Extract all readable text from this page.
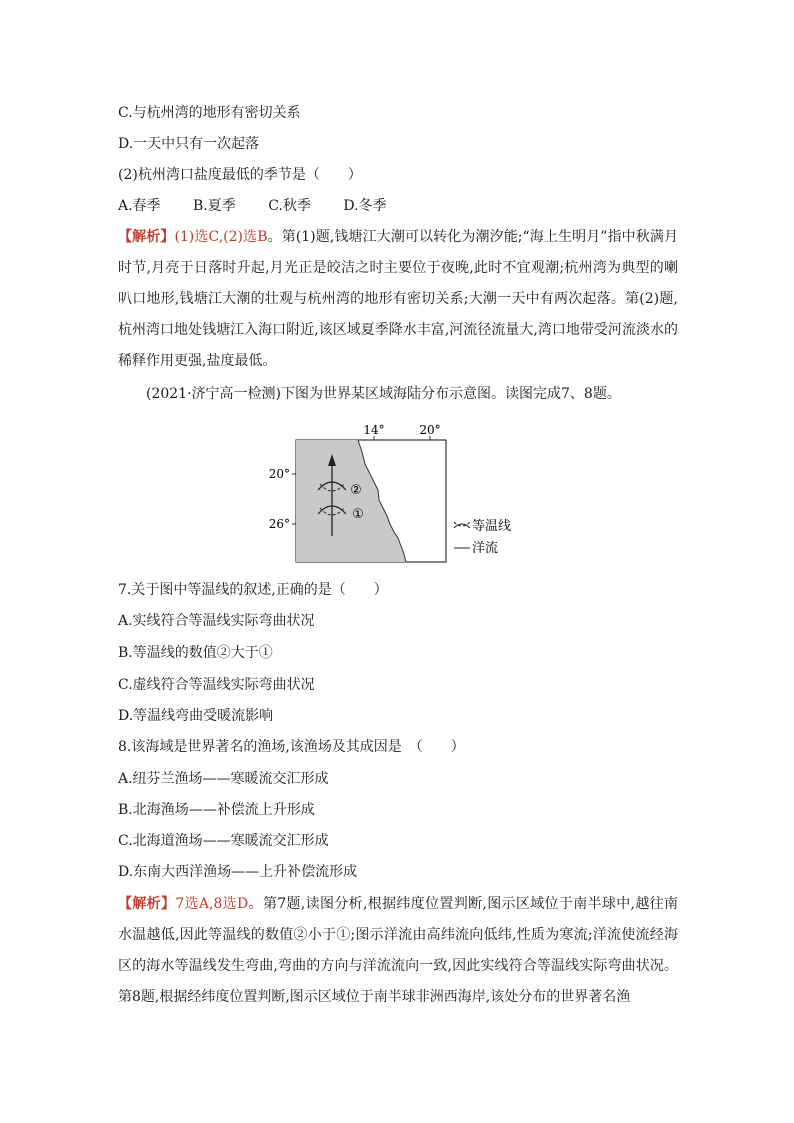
C.与杭州湾的地形有密切关系
D.一天中只有一次起落
(2)杭州湾口盐度最低的季节是（　　）
A.春季 B.夏季 C.秋季 D.冬季
【解析】(1)选C,(2)选B。第(1)题,钱塘江大潮可以转化为潮汐能;“海上生明月”指中秋满月时节,月亮于日落时升起,月光正是皎洁之时主要位于夜晚,此时不宜观潮;杭州湾为典型的喇叭口地形,钱塘江大潮的壮观与杭州湾的地形有密切关系;大潮一天中有两次起落。第(2)题,杭州湾口地处钱塘江入海口附近,该区域夏季降水丰富,河流径流量大,湾口地带受河流淡水的稀释作用更强,盐度最低。
(2021·济宁高一检测)下图为世界某区域海陆分布示意图。读图完成7、8题。
14°	20°
20°
26°
②
①
等温线
洋流
7.关于图中等温线的叙述,正确的是（　　）
A.实线符合等温线实际弯曲状况
B.等温线的数值②大于①
C.虚线符合等温线实际弯曲状况
D.等温线弯曲受暖流影响
8.该海域是世界著名的渔场,该渔场及其成因是　（　　）
A.纽芬兰渔场——寒暖流交汇形成
B.北海渔场——补偿流上升形成
C.北海道渔场——寒暖流交汇形成
D.东南大西洋渔场——上升补偿流形成
【解析】7选A,8选D。第7题,读图分析,根据纬度位置判断,图示区域位于南半球中,越往南水温越低,因此等温线的数值②小于①;图示洋流由高纬流向低纬,性质为寒流;洋流使流经海区的海水等温线发生弯曲,弯曲的方向与洋流流向一致,因此实线符合等温线实际弯曲状况。第8题,根据经纬度位置判断,图示区域位于南半球非洲西海岸,该处分布的世界著名渔
